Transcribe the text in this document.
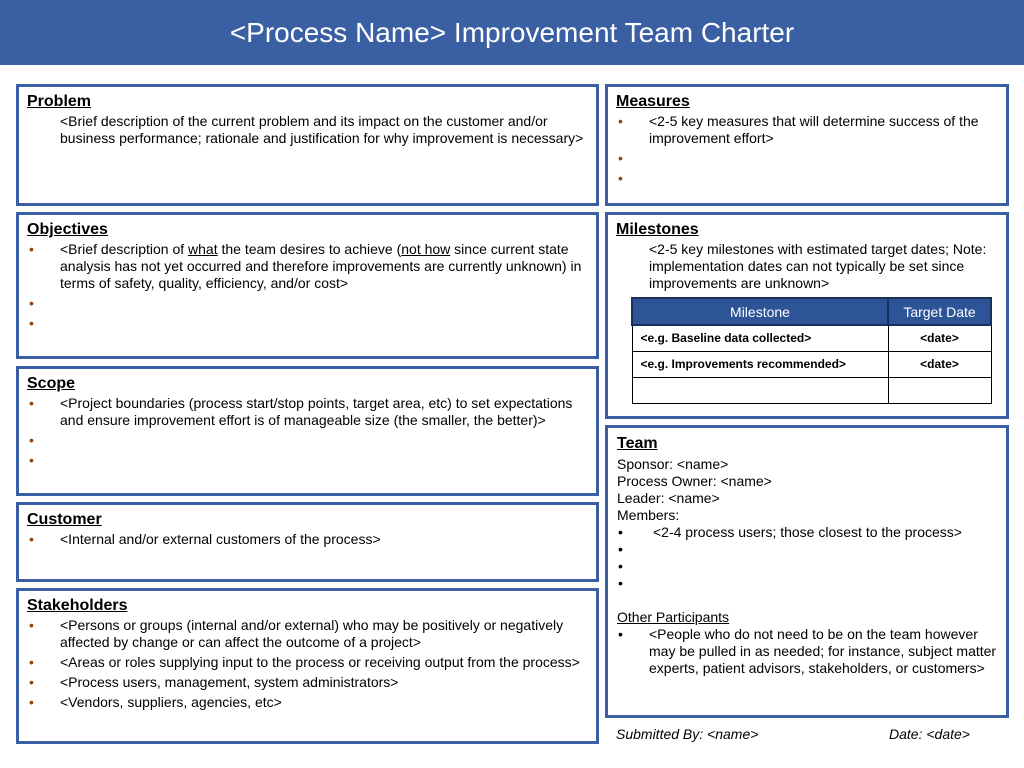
<Process Name> Improvement Team Charter
Problem
<Brief description of the current problem and its impact on the customer and/or business performance; rationale and justification for why improvement is necessary>
Objectives
• <Brief description of what the team desires to achieve (not how since current state analysis has not yet occurred and therefore improvements are currently unknown) in terms of safety, quality, efficiency, and/or cost>
•
•
Scope
• <Project boundaries (process start/stop points, target area, etc) to set expectations and ensure improvement effort is of manageable size (the smaller, the better)>
•
•
Customer
• <Internal and/or external customers of the process>
Stakeholders
• <Persons or groups (internal and/or external) who may be positively or negatively affected by change or can affect the outcome of a project>
• <Areas or roles supplying input to the process or receiving output from the process>
• <Process users, management, system administrators>
• <Vendors, suppliers, agencies, etc>
Measures
• <2-5 key measures that will determine success of the improvement effort>
•
•
Milestones
<2-5 key milestones with estimated target dates; Note: implementation dates can not typically be set since improvements are unknown>
Milestone	Target Date
<e.g. Baseline data collected>	<date>
<e.g. Improvements recommended>	<date>

Team
Sponsor: <name>
Process Owner: <name>
Leader: <name>
Members:
• <2-4 process users; those closest to the process>
•
•
•
Other Participants
• <People who do not need to be on the team however may be pulled in as needed; for instance, subject matter experts, patient advisors, stakeholders, or customers>
Submitted By: <name>	Date: <date>
